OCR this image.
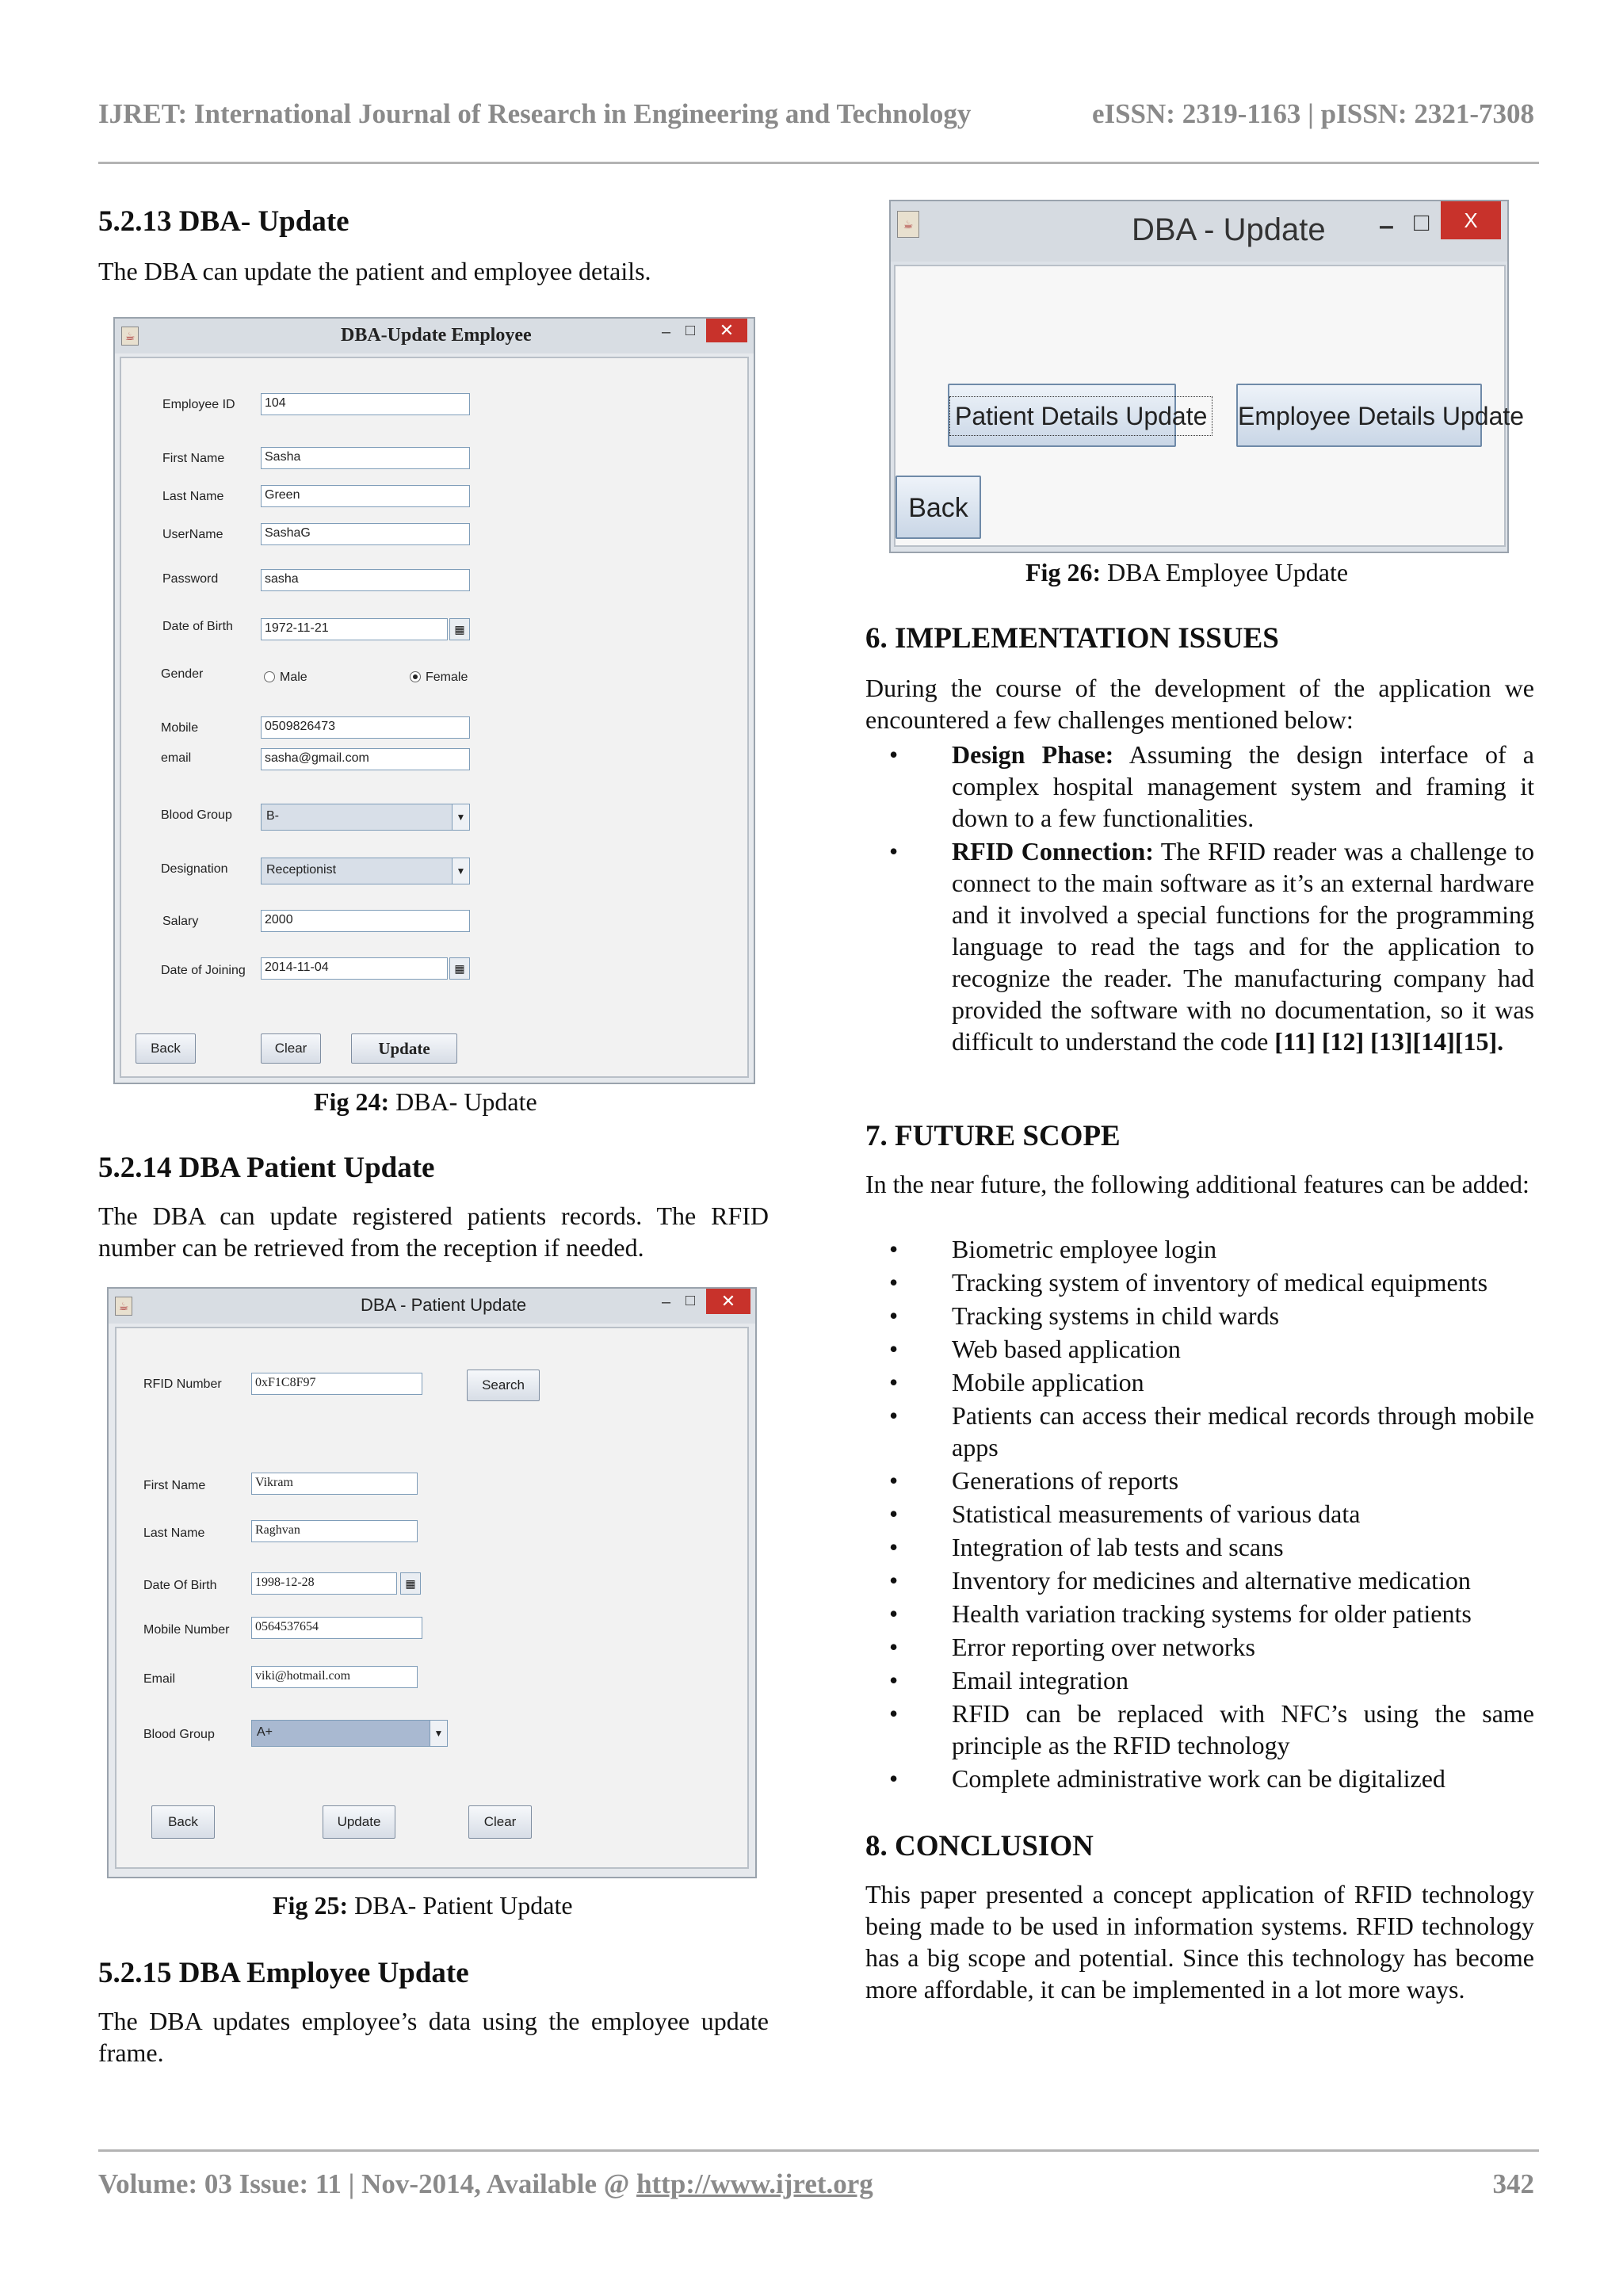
IJRET: International Journal of Research in Engineering and Technology	eISSN: 2319-1163 | pISSN: 2321-7308
5.2.13 DBA- Update
The DBA can update the patient and employee details.
☕	DBA-Update Employee	– □	✕
Employee ID	104
First Name	Sasha
Last Name	Green
UserName	SashaG
Password	sasha
Date of Birth	1972-11-21	▦
Gender	Male	Female
Mobile	0509826473
email	sasha@gmail.com
Blood Group	B-	▼
Designation	Receptionist	▼
Salary	2000
Date of Joining	2014-11-04	▦
Back	Clear	Update
Fig 24: DBA- Update
5.2.14 DBA Patient Update
The DBA can update registered patients records. The RFID number can be retrieved from the reception if needed.
☕	DBA - Patient Update	– □	✕
RFID Number	0xF1C8F97	Search
First Name	Vikram
Last Name	Raghvan
Date Of Birth	1998-12-28	▦
Mobile Number	0564537654
Email	viki@hotmail.com
Blood Group	A+	▼
Back	Update	Clear
Fig 25: DBA- Patient Update
5.2.15 DBA Employee Update
The DBA updates employee’s data using the employee update frame.
☕	DBA - Update – □	X
Patient Details Update Employee Details Update
Back
Fig 26: DBA Employee Update
6. IMPLEMENTATION ISSUES
During the course of the development of the application we encountered a few challenges mentioned below:
• Design Phase: Assuming the design interface of a complex hospital management system and framing it down to a few functionalities.
• RFID Connection: The RFID reader was a challenge to connect to the main software as it’s an external hardware and it involved a special functions for the programming language to read the tags and for the application to recognize the reader. The manufacturing company had provided the software with no documentation, so it was difficult to understand the code [11] [12] [13][14][15].
7. FUTURE SCOPE
In the near future, the following additional features can be added:
• Biometric employee login
• Tracking system of inventory of medical equipments
• Tracking systems in child wards
• Web based application
• Mobile application
• Patients can access their medical records through mobile apps
• Generations of reports
• Statistical measurements of various data
• Integration of lab tests and scans
• Inventory for medicines and alternative medication
• Health variation tracking systems for older patients
• Error reporting over networks
• Email integration
• RFID can be replaced with NFC’s using the same principle as the RFID technology
• Complete administrative work can be digitalized
8. CONCLUSION
This paper presented a concept application of RFID technology being made to be used in information systems. RFID technology has a big scope and potential. Since this technology has become more affordable, it can be implemented in a lot more ways.
Volume: 03 Issue: 11 | Nov-2014, Available @ http://www.ijret.org	342
